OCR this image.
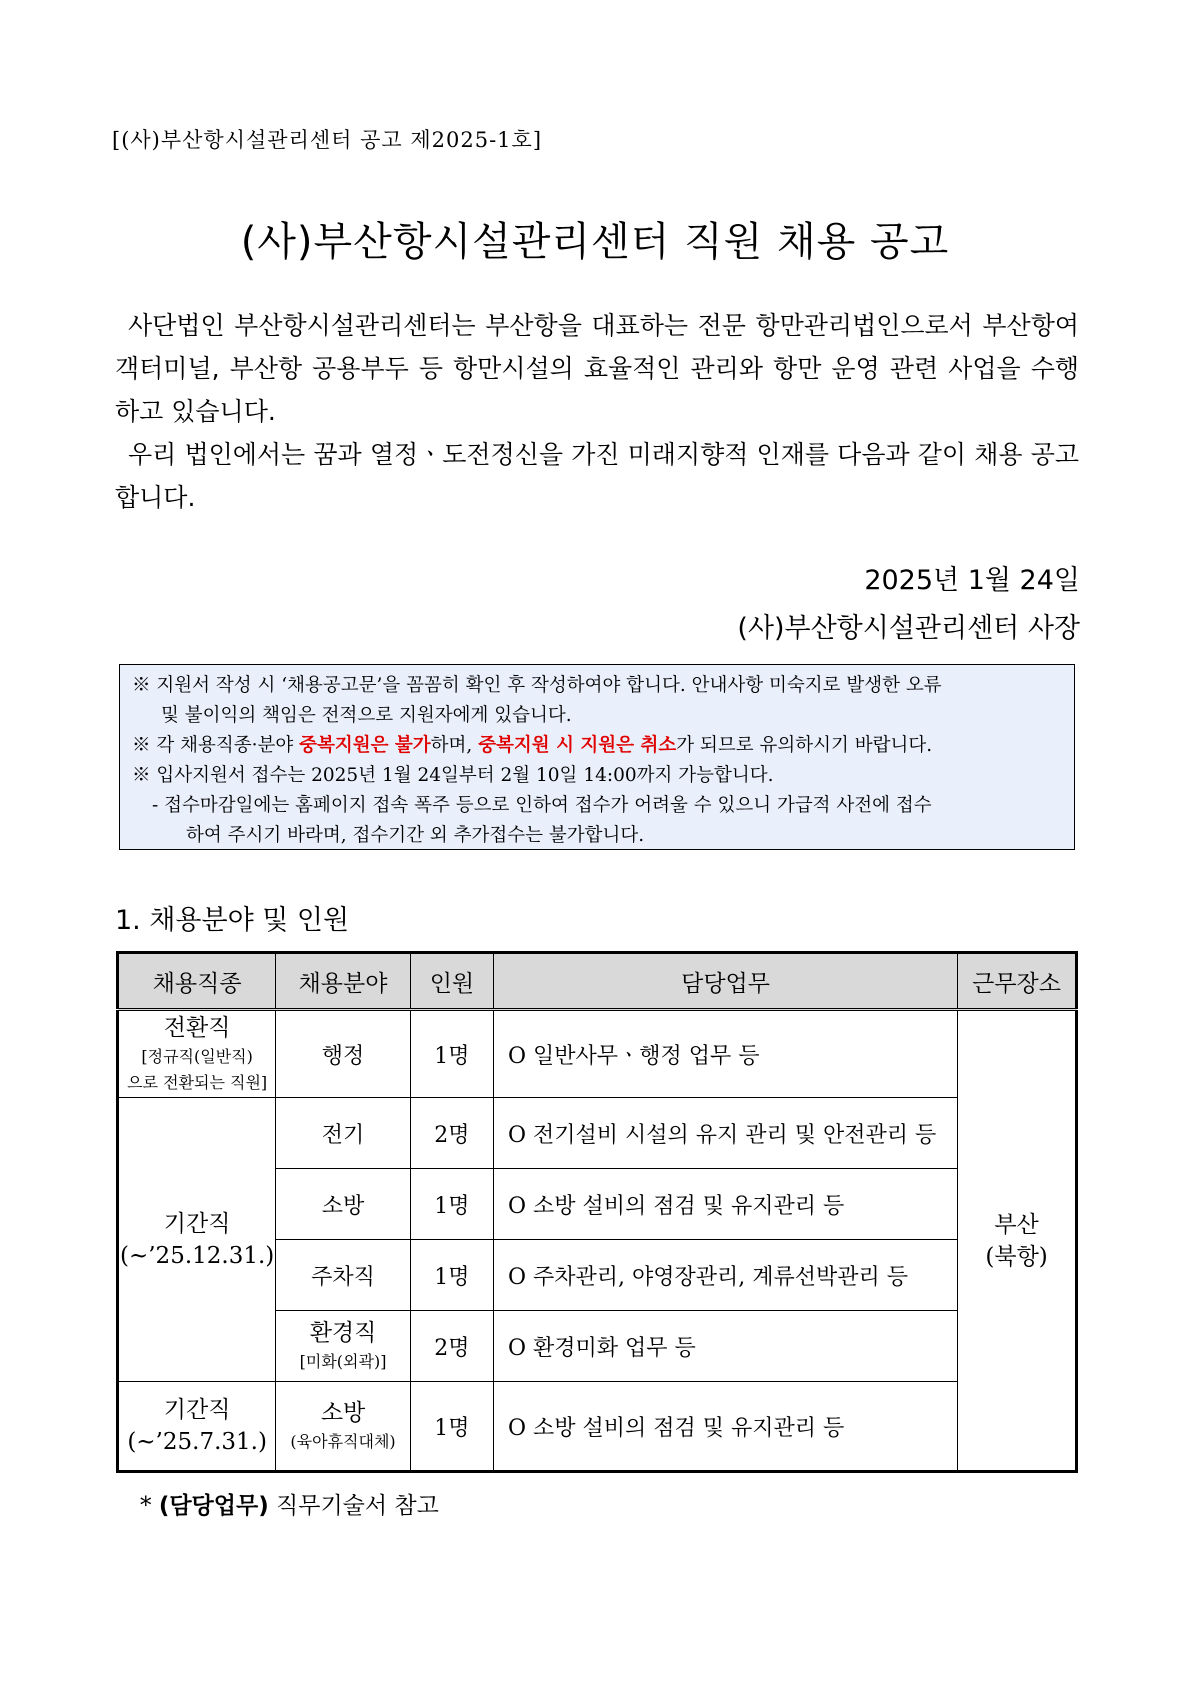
[(사)부산항시설관리센터 공고 제2025-1호]
(사)부산항시설관리센터 직원 채용 공고

사단법인 부산항시설관리센터는 부산항을 대표하는 전문 항만관리법인으로서 부산항여객터미널, 부산항 공용부두 등 항만시설의 효율적인 관리와 항만 운영 관련 사업을 수행하고 있습니다.

우리 법인에서는 꿈과 열정ㆍ도전정신을 가진 미래지향적 인재를 다음과 같이 채용 공고합니다.

2025년 1월 24일
(사)부산항시설관리센터 사장
※ 지원서 작성 시 ‘채용공고문’을 꼼꼼히 확인 후 작성하여야 합니다. 안내사항 미숙지로 발생한 오류
및 불이익의 책임은 전적으로 지원자에게 있습니다.
※ 각 채용직종·분야 중복지원은 불가하며, 중복지원 시 지원은 취소가 되므로 유의하시기 바랍니다.
※ 입사지원서 접수는 2025년 1월 24일부터 2월 10일 14:00까지 가능합니다.
- 접수마감일에는 홈페이지 접속 폭주 등으로 인하여 접수가 어려울 수 있으니 가급적 사전에 접수
하여 주시기 바라며, 접수기간 외 추가접수는 불가합니다.
1. 채용분야 및 인원
채용직종	채용분야	인원	담당업무	근무장소

전환직
[정규직(일반직)
으로 전환되는 직원]	행정	1명	O 일반사무ㆍ행정 업무 등	부산
(북항)

기간직
(~’25.12.31.)	전기	2명	O 전기설비 시설의 유지 관리 및 안전관리 등	
	소방	1명	O 소방 설비의 점검 및 유지관리 등	
	주차직	1명	O 주차관리, 야영장관리, 계류선박관리 등	

	환경직
[미화(외곽)]	2명	O 환경미화 업무 등	

기간직
(~’25.7.31.)	소방
(육아휴직대체)	1명	O 소방 설비의 점검 및 유지관리 등	
* (담당업무) 직무기술서 참고
